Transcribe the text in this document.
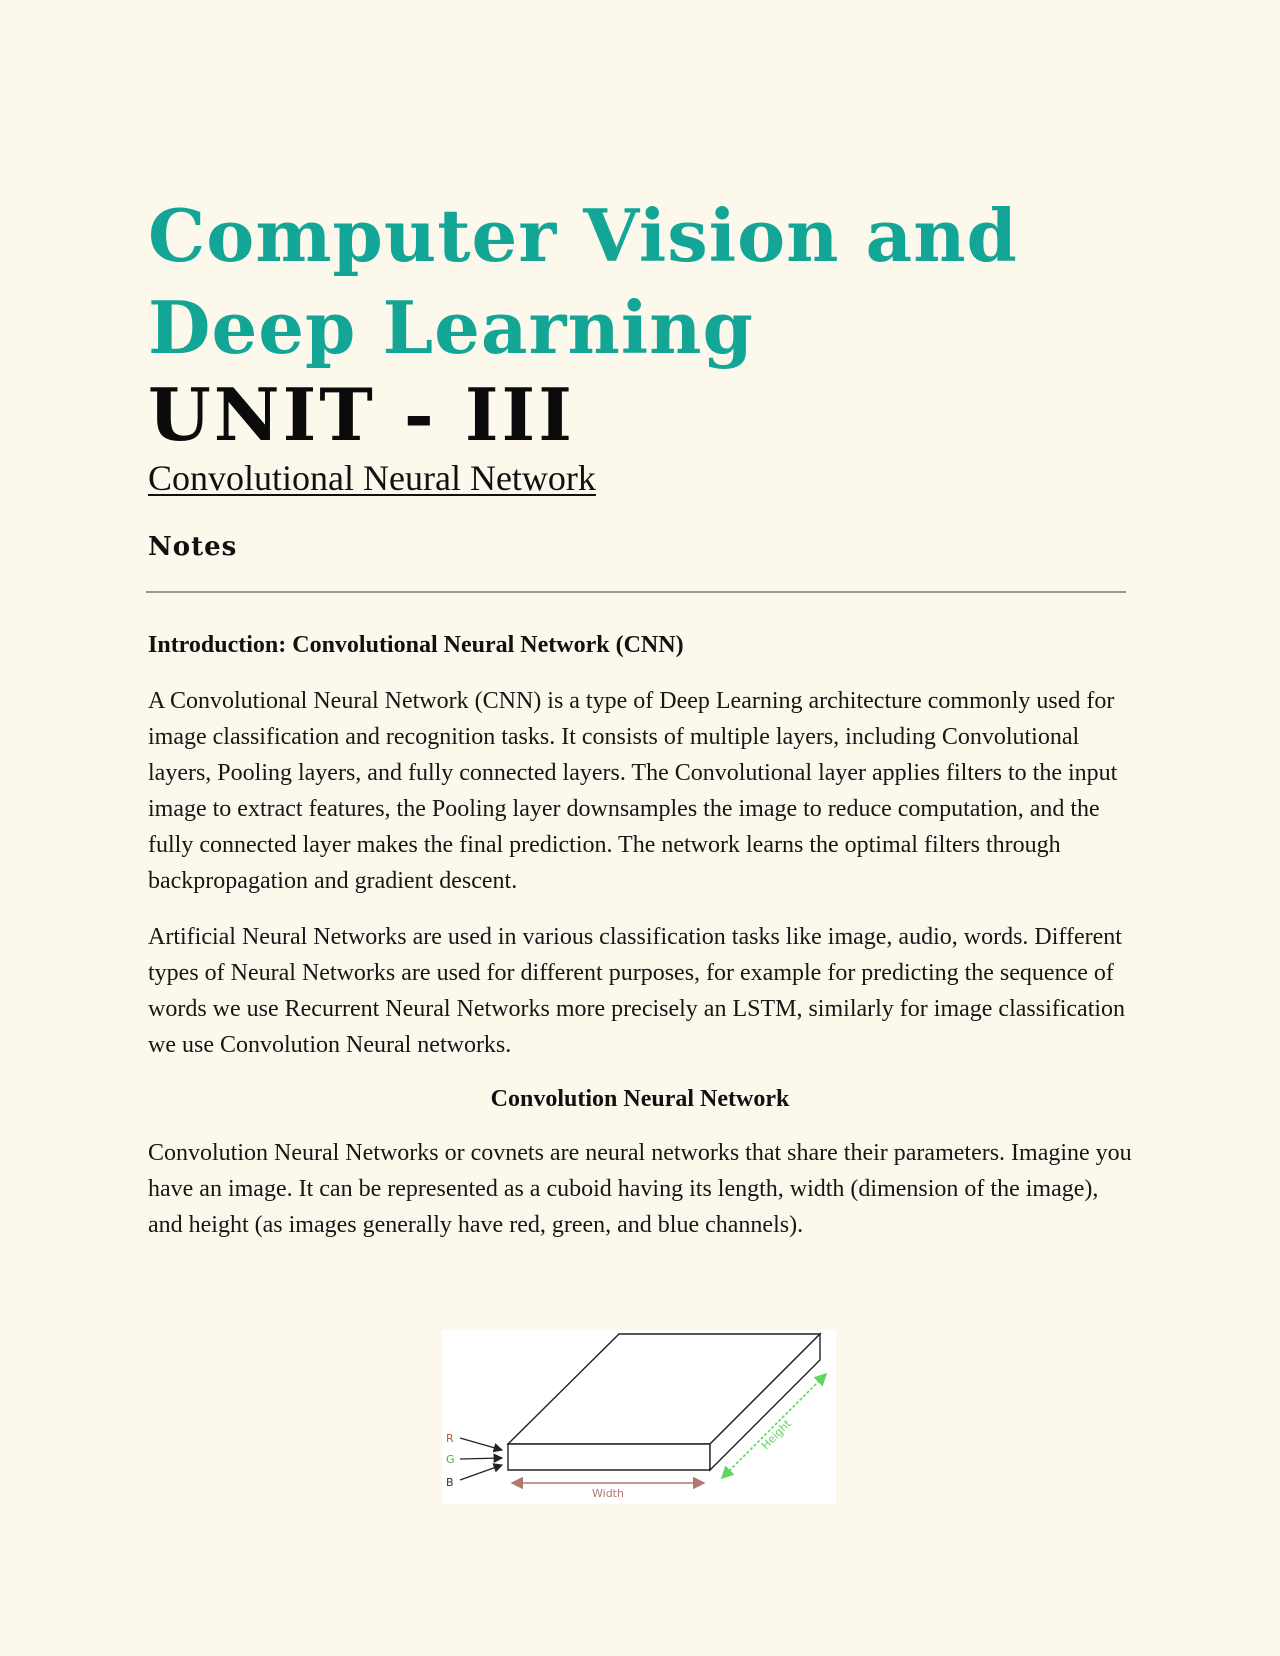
Computer Vision and Deep Learning
UNIT - III
Convolutional Neural Network
Notes
Introduction: Convolutional Neural Network (CNN)

A Convolutional Neural Network (CNN) is a type of Deep Learning architecture commonly used for image classification and recognition tasks. It consists of multiple layers, including Convolutional layers, Pooling layers, and fully connected layers. The Convolutional layer applies filters to the input image to extract features, the Pooling layer downsamples the image to reduce computation, and the fully connected layer makes the final prediction. The network learns the optimal filters through backpropagation and gradient descent.

Artificial Neural Networks are used in various classification tasks like image, audio, words. Different types of Neural Networks are used for different purposes, for example for predicting the sequence of words we use Recurrent Neural Networks more precisely an LSTM, similarly for image classification we use Convolution Neural networks.

Convolution Neural Network

Convolution Neural Networks or covnets are neural networks that share their parameters. Imagine you have an image. It can be represented as a cuboid having its length, width (dimension of the image), and height (as images generally have red, green, and blue channels).

R
G
B
Width
Height
